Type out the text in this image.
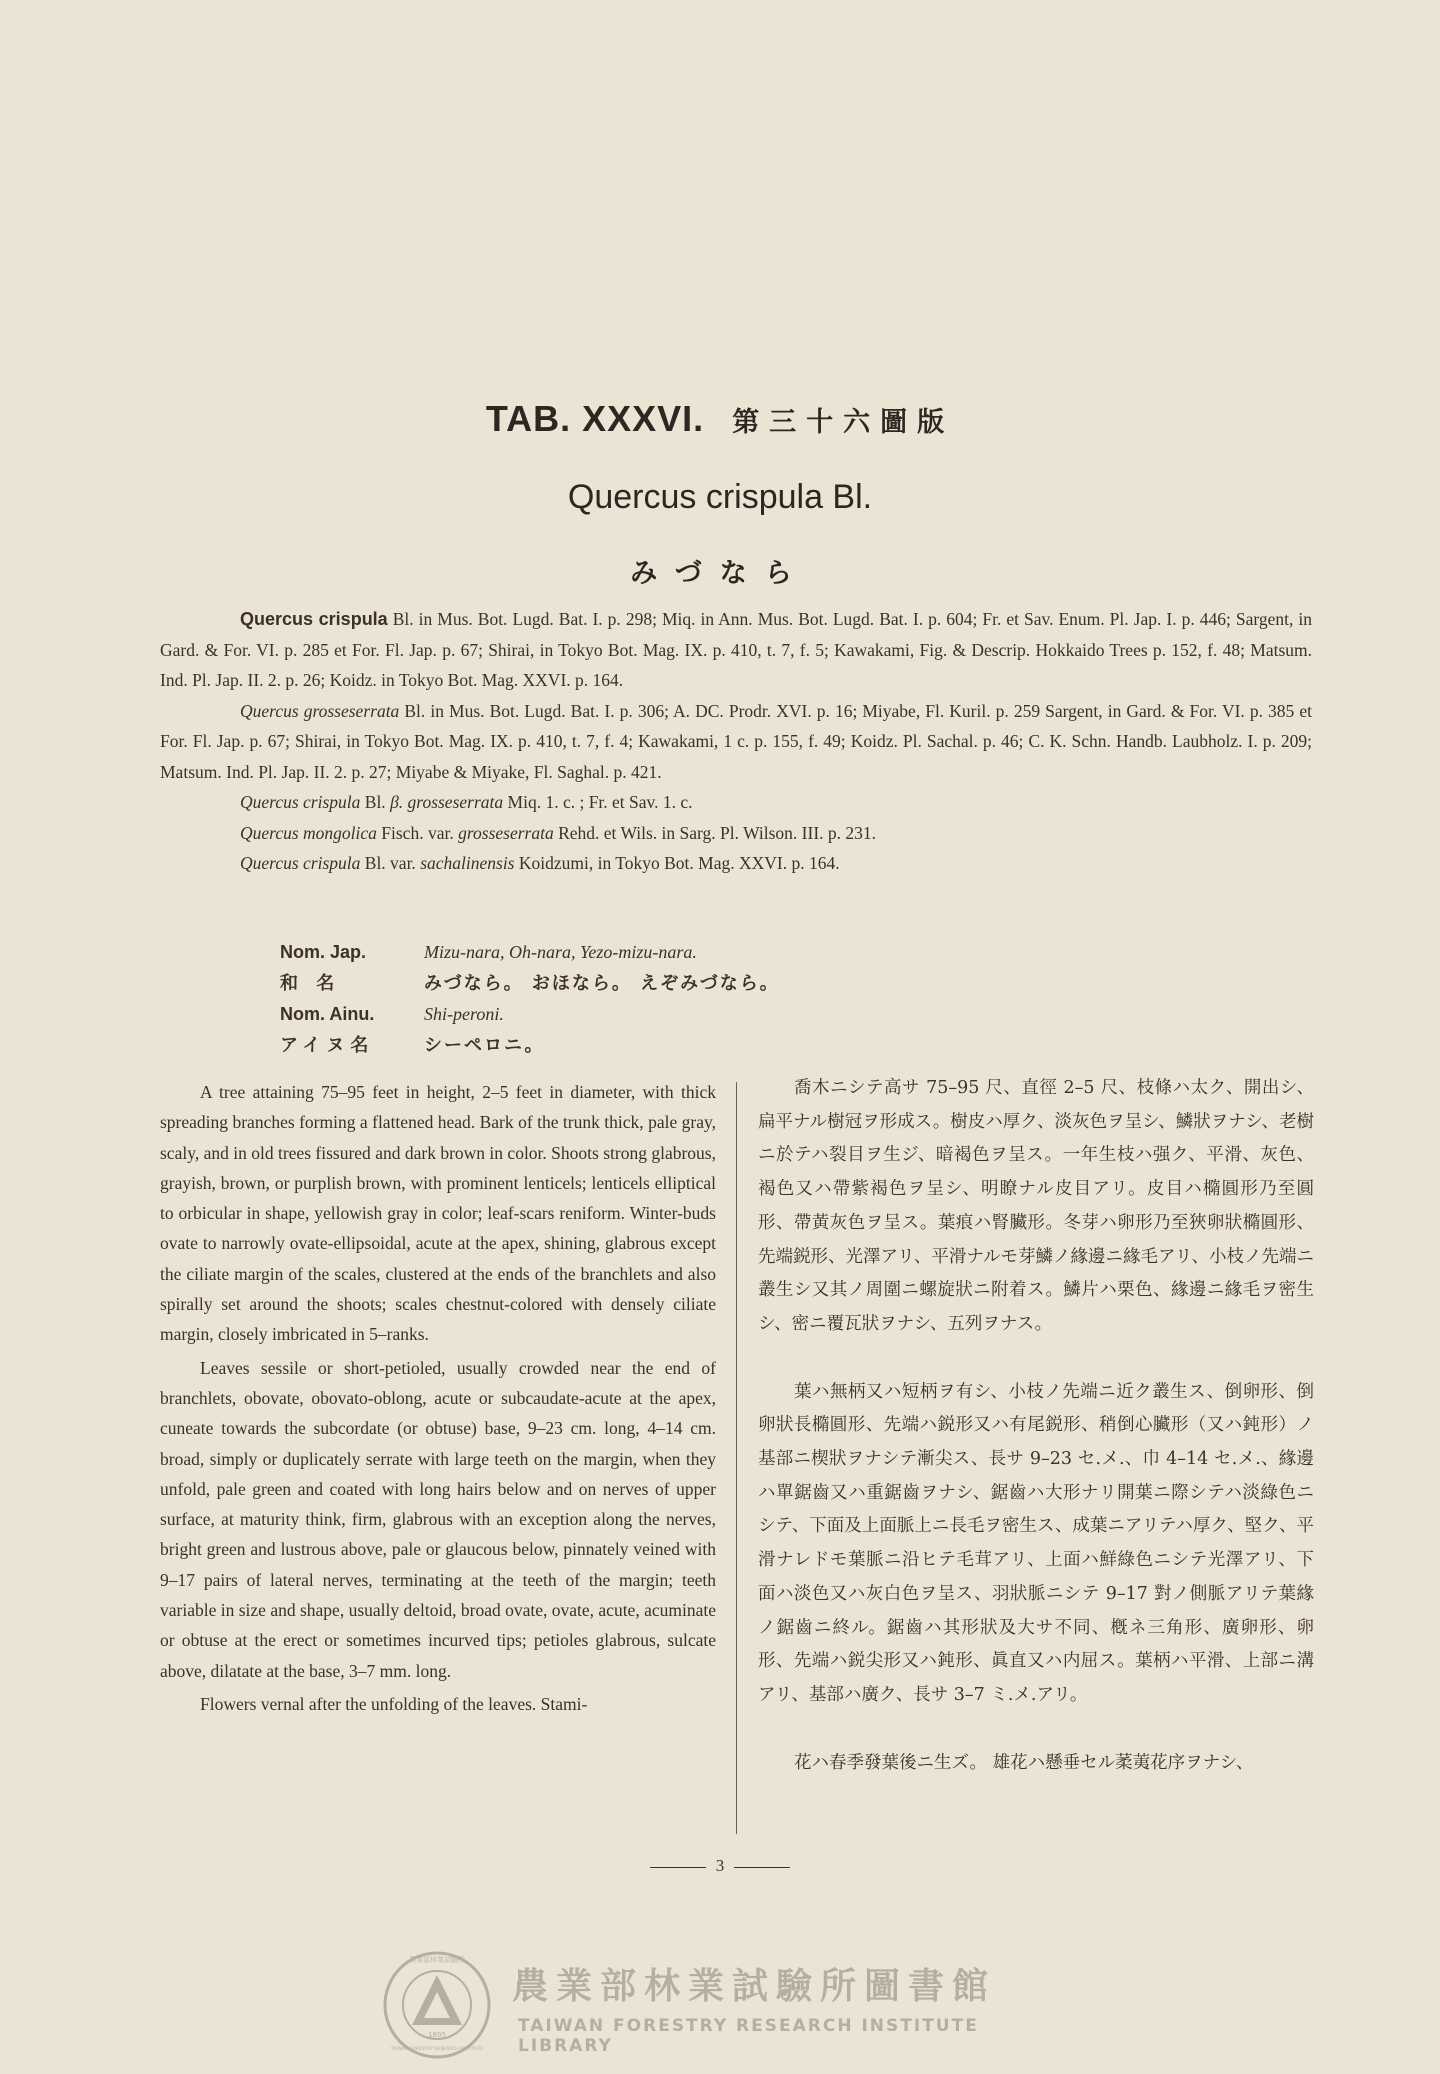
TAB. XXXVI. 第三十六圖版
Quercus crispula Bl.
みづなら

Quercus crispula Bl. in Mus. Bot. Lugd. Bat. I. p. 298; Miq. in Ann. Mus. Bot. Lugd. Bat. I. p. 604; Fr. et Sav. Enum. Pl. Jap. I. p. 446; Sargent, in Gard. & For. VI. p. 285 et For. Fl. Jap. p. 67; Shirai, in Tokyo Bot. Mag. IX. p. 410, t. 7, f. 5; Kawakami, Fig. & Descrip. Hokkaido Trees p. 152, f. 48; Matsum. Ind. Pl. Jap. II. 2. p. 26; Koidz. in Tokyo Bot. Mag. XXVI. p. 164.

Quercus grosseserrata Bl. in Mus. Bot. Lugd. Bat. I. p. 306; A. DC. Prodr. XVI. p. 16; Miyabe, Fl. Kuril. p. 259 Sargent, in Gard. & For. VI. p. 385 et For. Fl. Jap. p. 67; Shirai, in Tokyo Bot. Mag. IX. p. 410, t. 7, f. 4; Kawakami, 1 c. p. 155, f. 49; Koidz. Pl. Sachal. p. 46; C. K. Schn. Handb. Laubholz. I. p. 209; Matsum. Ind. Pl. Jap. II. 2. p. 27; Miyabe & Miyake, Fl. Saghal. p. 421.

Quercus crispula Bl. β. grosseserrata Miq. 1. c. ; Fr. et Sav. 1. c.

Quercus mongolica Fisch. var. grosseserrata Rehd. et Wils. in Sarg. Pl. Wilson. III. p. 231.

Quercus crispula Bl. var. sachalinensis Koidzumi, in Tokyo Bot. Mag. XXVI. p. 164.

Nom. Jap.	Mizu-nara, Oh-nara, Yezo-mizu-nara.
和 名	みづなら。 おほなら。 えぞみづなら。
Nom. Ainu.	Shi-peroni.
アイヌ名	シーペロニ。

A tree attaining 75–95 feet in height, 2–5 feet in diameter, with thick spreading branches forming a flattened head. Bark of the trunk thick, pale gray, scaly, and in old trees fissured and dark brown in color. Shoots strong glabrous, grayish, brown, or purplish brown, with prominent lenticels; lenticels elliptical to orbicular in shape, yellowish gray in color; leaf-scars reniform. Winter-buds ovate to narrowly ovate-ellipsoidal, acute at the apex, shining, glabrous except the ciliate margin of the scales, clustered at the ends of the branchlets and also spirally set around the shoots; scales chestnut-colored with densely ciliate margin, closely imbricated in 5–ranks.

Leaves sessile or short-petioled, usually crowded near the end of branchlets, obovate, obovato-oblong, acute or subcaudate-acute at the apex, cuneate towards the subcordate (or obtuse) base, 9–23 cm. long, 4–14 cm. broad, simply or duplicately serrate with large teeth on the margin, when they unfold, pale green and coated with long hairs below and on nerves of upper surface, at maturity think, firm, glabrous with an exception along the nerves, bright green and lustrous above, pale or glaucous below, pinnately veined with 9–17 pairs of lateral nerves, terminating at the teeth of the margin; teeth variable in size and shape, usually deltoid, broad ovate, ovate, acute, acuminate or obtuse at the erect or sometimes incurved tips; petioles glabrous, sulcate above, dilatate at the base, 3–7 mm. long.

Flowers vernal after the unfolding of the leaves. Stami-

喬木ニシテ高サ 75–95 尺、直徑 2–5 尺、枝條ハ太ク、開出シ、扁平ナル樹冠ヲ形成ス。樹皮ハ厚ク、淡灰色ヲ呈シ、鱗狀ヲナシ、老樹ニ於テハ裂目ヲ生ジ、暗褐色ヲ呈ス。一年生枝ハ强ク、平滑、灰色、褐色又ハ帶紫褐色ヲ呈シ、明瞭ナル皮目アリ。皮目ハ橢圓形乃至圓形、帶黃灰色ヲ呈ス。葉痕ハ腎臟形。冬芽ハ卵形乃至狹卵狀橢圓形、先端鋭形、光澤アリ、平滑ナルモ芽鱗ノ緣邊ニ緣毛アリ、小枝ノ先端ニ叢生シ又其ノ周圍ニ螺旋狀ニ附着ス。鱗片ハ栗色、緣邊ニ緣毛ヲ密生シ、密ニ覆瓦狀ヲナシ、五列ヲナス。

葉ハ無柄又ハ短柄ヲ有シ、小枝ノ先端ニ近ク叢生ス、倒卵形、倒卵狀長橢圓形、先端ハ鋭形又ハ有尾鋭形、稍倒心臟形（又ハ鈍形）ノ基部ニ楔狀ヲナシテ漸尖ス、長サ 9–23 セ.メ.、巾 4–14 セ.メ.、緣邊ハ單鋸齒又ハ重鋸齒ヲナシ、鋸齒ハ大形ナリ開葉ニ際シテハ淡綠色ニシテ、下面及上面脈上ニ長毛ヲ密生ス、成葉ニアリテハ厚ク、堅ク、平滑ナレドモ葉脈ニ沿ヒテ毛茸アリ、上面ハ鮮綠色ニシテ光澤アリ、下面ハ淡色又ハ灰白色ヲ呈ス、羽狀脈ニシテ 9–17 對ノ側脈アリテ葉緣ノ鋸齒ニ終ル。鋸齒ハ其形狀及大サ不同、槪ネ三角形、廣卵形、卵形、先端ハ鋭尖形又ハ鈍形、眞直又ハ内屈ス。葉柄ハ平滑、上部ニ溝アリ、基部ハ廣ク、長サ 3–7 ミ.メ.アリ。

花ハ春季發葉後ニ生ズ。 雄花ハ懸垂セル葇荑花序ヲナシ、

3
農業部林業試驗所
TAIWAN FORESTRY RESEARCH INSTITUTE
1895
農業部林業試驗所圖書館
TAIWAN FORESTRY RESEARCH INSTITUTE LIBRARY
